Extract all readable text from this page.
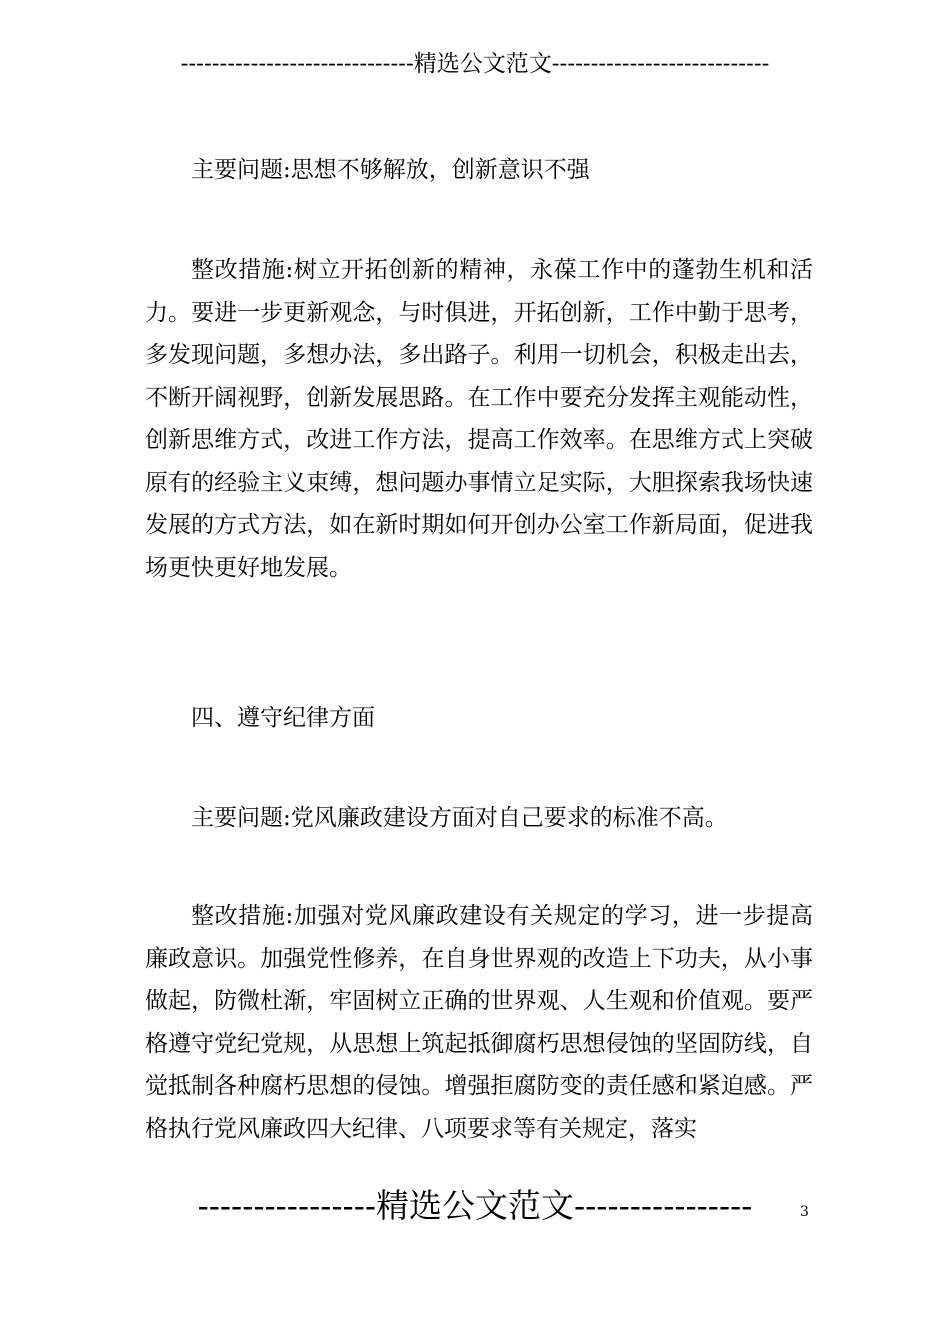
------------------------------精选公文范文----------------------------

主要问题:思想不够解放，创新意识不强

整改措施:树立开拓创新的精神，永葆工作中的蓬勃生机和活力。要进一步更新观念，与时俱进，开拓创新，工作中勤于思考，多发现问题，多想办法，多出路子。利用一切机会，积极走出去，不断开阔视野，创新发展思路。在工作中要充分发挥主观能动性，创新思维方式，改进工作方法，提高工作效率。在思维方式上突破原有的经验主义束缚，想问题办事情立足实际，大胆探索我场快速发展的方式方法，如在新时期如何开创办公室工作新局面，促进我场更快更好地发展。

四、遵守纪律方面

主要问题:党风廉政建设方面对自己要求的标准不高。

整改措施:加强对党风廉政建设有关规定的学习，进一步提高廉政意识。加强党性修养，在自身世界观的改造上下功夫，从小事做起，防微杜渐，牢固树立正确的世界观、人生观和价值观。要严格遵守党纪党规，从思想上筑起抵御腐朽思想侵蚀的坚固防线，自觉抵制各种腐朽思想的侵蚀。增强拒腐防变的责任感和紧迫感。严格执行党风廉政四大纪律、八项要求等有关规定，落实

----------------精选公文范文----------------	3
